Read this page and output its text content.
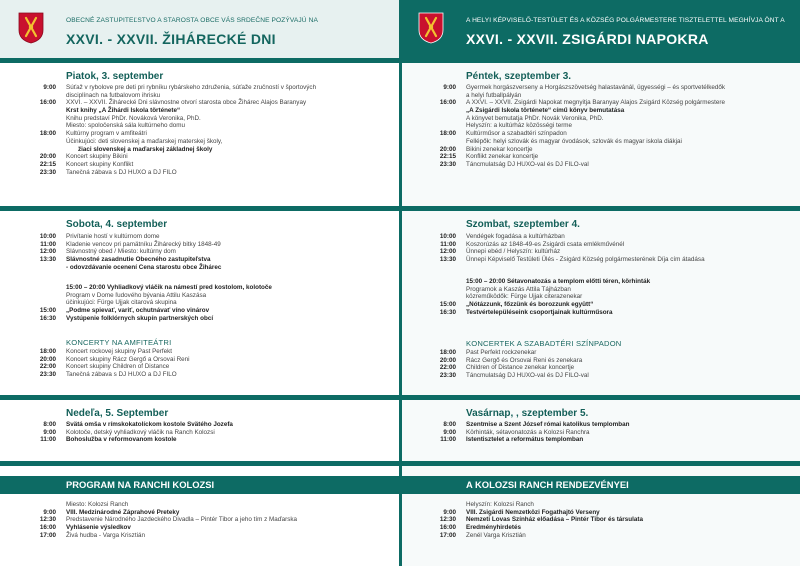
OBECNÉ ZASTUPITEĽSTVO A STAROSTA OBCE VÁS SRDEČNE POZÝVAJÚ NA
XXVI. - XXVII. ŽIHÁRECKÉ DNI
Piatok, 3. september
9:00 Súťaž v rybolove pre deti pri rybníku rybárskeho združenia, súťaže zručností v športových
disciplínach na futbalovom ihrisku
16:00 XXVI. – XXVII. Žihárecké Dni slávnostne otvorí starosta obce Žihárec Alajos Baranyay
Krst knihy „A Žihárdi Iskola története“
Knihu predstaví PhDr. Nováková Veronika, PhD.
Miesto: spoločenská sála kultúrneho domu
18:00 Kultúrny program v amfiteátri
Účinkujúci: deti slovenskej a maďarskej materskej školy,
žiaci slovenskej a maďarskej základnej školy
20:00 Koncert skupiny Bikini
22:15 Koncert skupiny Konflikt
23:30 Tanečná zábava s DJ HUXO a DJ FILO
Sobota, 4. september
10:00 Privítanie hostí v kultúrnom dome
11:00 Kladenie vencov pri pamätníku Žihárecký bitky 1848-49
12:00 Slávnostný obed / Miesto: kultúrny dom
13:30 Slávnostné zasadnutie Obecného zastupiteľstva
- odovzdávanie ocenení Cena starostu obce Žihárec
15:00 – 20:00 Vyhliadkový vláčik na námestí pred kostolom, kolotoče
Program v Dome ľudového bývania Attilu Kaszása
účinkujúci: Fürge Ujjak citarová skupina
15:00 „Podme spievať, variť, ochutnávať víno vinárov
16:30 Vystúpenie folklórnych skupín partnerských obcí
KONCERTY NA AMFITEÁTRI
18:00 Koncert rockovej skupiny Past Perfekt
20:00 Koncert skupiny Rácz Gergő a Orsovai Reni
22:00 Koncert skupiny Children of Distance
23:30 Tanečná zábava s DJ HUXO a DJ FILO
Nedeľa, 5. September
8:00 Svätá omša v rímskokatolíckom kostole Svätého Jozefa
9:00 Kolotoče, detský vyhliadkový vláčik na Ranch Kolozsi
11:00 Bohoslužba v reformovanom kostole
PROGRAM NA RANCHI KOLOZSI
Miesto: Kolozsi Ranch
9:00 VIII. Medzinárodné Záprahové Preteky
12:30 Predstavenie Národného Jazdeckého Divadla – Pintér Tibor a jeho tím z Maďarska
16:00 Vyhlásenie výsledkov
17:00 Živá hudba - Varga Krisztián
A HELYI KÉPVISELŐ-TESTÜLET ÉS A KÖZSÉG POLGÁRMESTERE TISZTELETTEL MEGHÍVJA ÖNT A
XXVI. - XXVII. ZSIGÁRDI NAPOKRA
Péntek, szeptember 3.
9:00 Gyermek horgászverseny a Horgászszövetség halastavánál, ügyességi – és sportvetélkedők
a helyi futballpályán
16:00 A XXVI. – XXVII. Zsigárdi Napokat megnyitja Baranyay Alajos Zsigárd Község polgármestere
„A Zsigárdi Iskola története“ című könyv bemutatása
A könyvet bemutatja PhDr. Novák Veronika, PhD.
Helyszín: a kultúrház közösségi terme
18:00 Kultúrműsor a szabadtéri színpadon
Fellépők: helyi szlovák és magyar óvodások, szlovák és magyar iskola diákjai
20:00 Bikini zenekar koncertje
22:15 Konflikt zenekar koncertje
23:30 Táncmulatság DJ HUXO-val és DJ FILO-val
Szombat, szeptember 4.
10:00 Vendégek fogadása a kultúrházban
11:00 Koszorúzás az 1848-49-es Zsigárdi csata emlékművénél
12:00 Ünnepi ebéd / Helyszín: kultúrház
13:30 Ünnepi Képviselő Testületi Ülés - Zsigárd Község polgármesterének Díja cím átadása
15:00 – 20:00 Sétavonatozás a templom előtti téren, körhinták
Programok a Kaszás Attila Tájházban
közreműködők: Fürge Ujjak citerazenekar
15:00 „Nótázzunk, főzzünk és borozzunk együtt“
16:30 Testvértelepüléseink csoportjainak kultúrműsora
KONCERTEK A SZABADTÉRI SZÍNPADON
18:00 Past Perfekt rockzenekar
20:00 Rácz Gergő és Orsovai Reni és zenekara
22:00 Children of Distance zenekar koncertje
23:30 Táncmulatság DJ HUXO-val és DJ FILO-val
Vasárnap, , szeptember 5.
8:00 Szentmise a Szent József római katolikus templomban
9:00 Körhinták, sétavonatozás a Kolozsi Ranchra
11:00 Istentisztelet a református templomban
A KOLOZSI RANCH RENDEZVÉNYEI
Helyszín: Kolozsi Ranch
9:00 VIII. Zsigárdi Nemzetközi Fogathajtó Verseny
12:30 Nemzeti Lovas Színház előadása – Pintér Tibor és társulata
16:00 Eredményhirdetés
17:00 Zenél Varga Krisztián
